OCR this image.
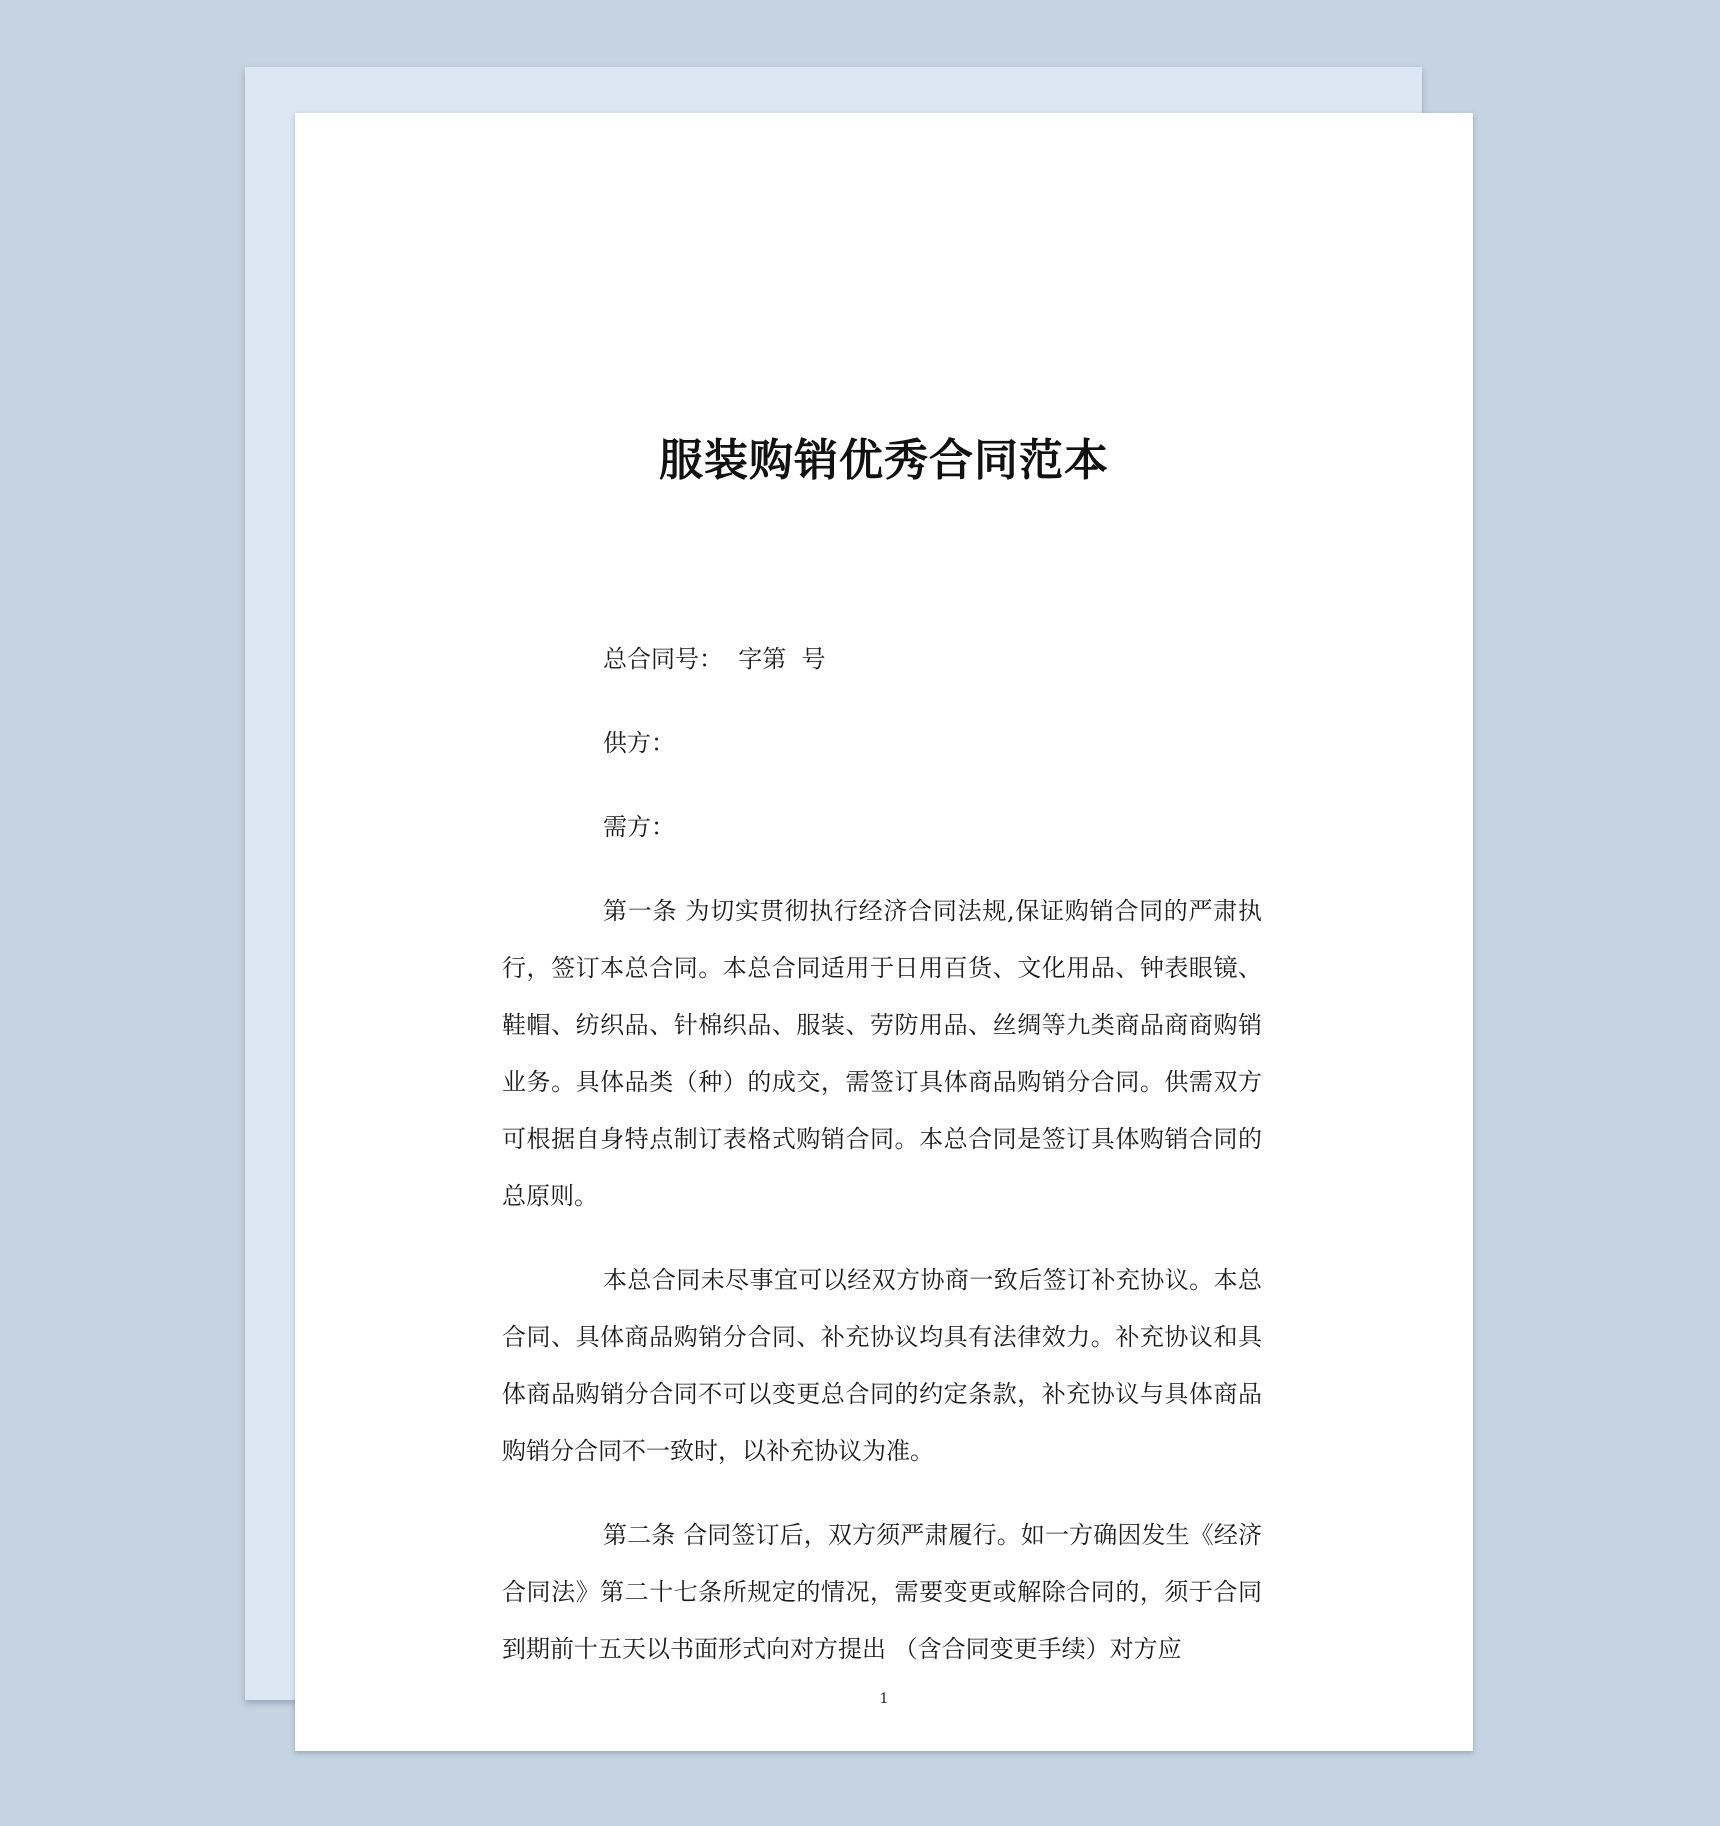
服装购销优秀合同范本

总合同号：  字第  号

供方：

需方：

第一条 为切实贯彻执行经济合同法规,保证购销合同的严肃执行，签订本总合同。本总合同适用于日用百货、文化用品、钟表眼镜、鞋帽、纺织品、针棉织品、服装、劳防用品、丝绸等九类商品商商购销业务。具体品类（种）的成交，需签订具体商品购销分合同。供需双方可根据自身特点制订表格式购销合同。本总合同是签订具体购销合同的总原则。

本总合同未尽事宜可以经双方协商一致后签订补充协议。本总合同、具体商品购销分合同、补充协议均具有法律效力。补充协议和具体商品购销分合同不可以变更总合同的约定条款，补充协议与具体商品购销分合同不一致时，以补充协议为准。

第二条 合同签订后，双方须严肃履行。如一方确因发生《经济合同法》第二十七条所规定的情况，需要变更或解除合同的，须于合同到期前十五天以书面形式向对方提出 （含合同变更手续）对方应

1
